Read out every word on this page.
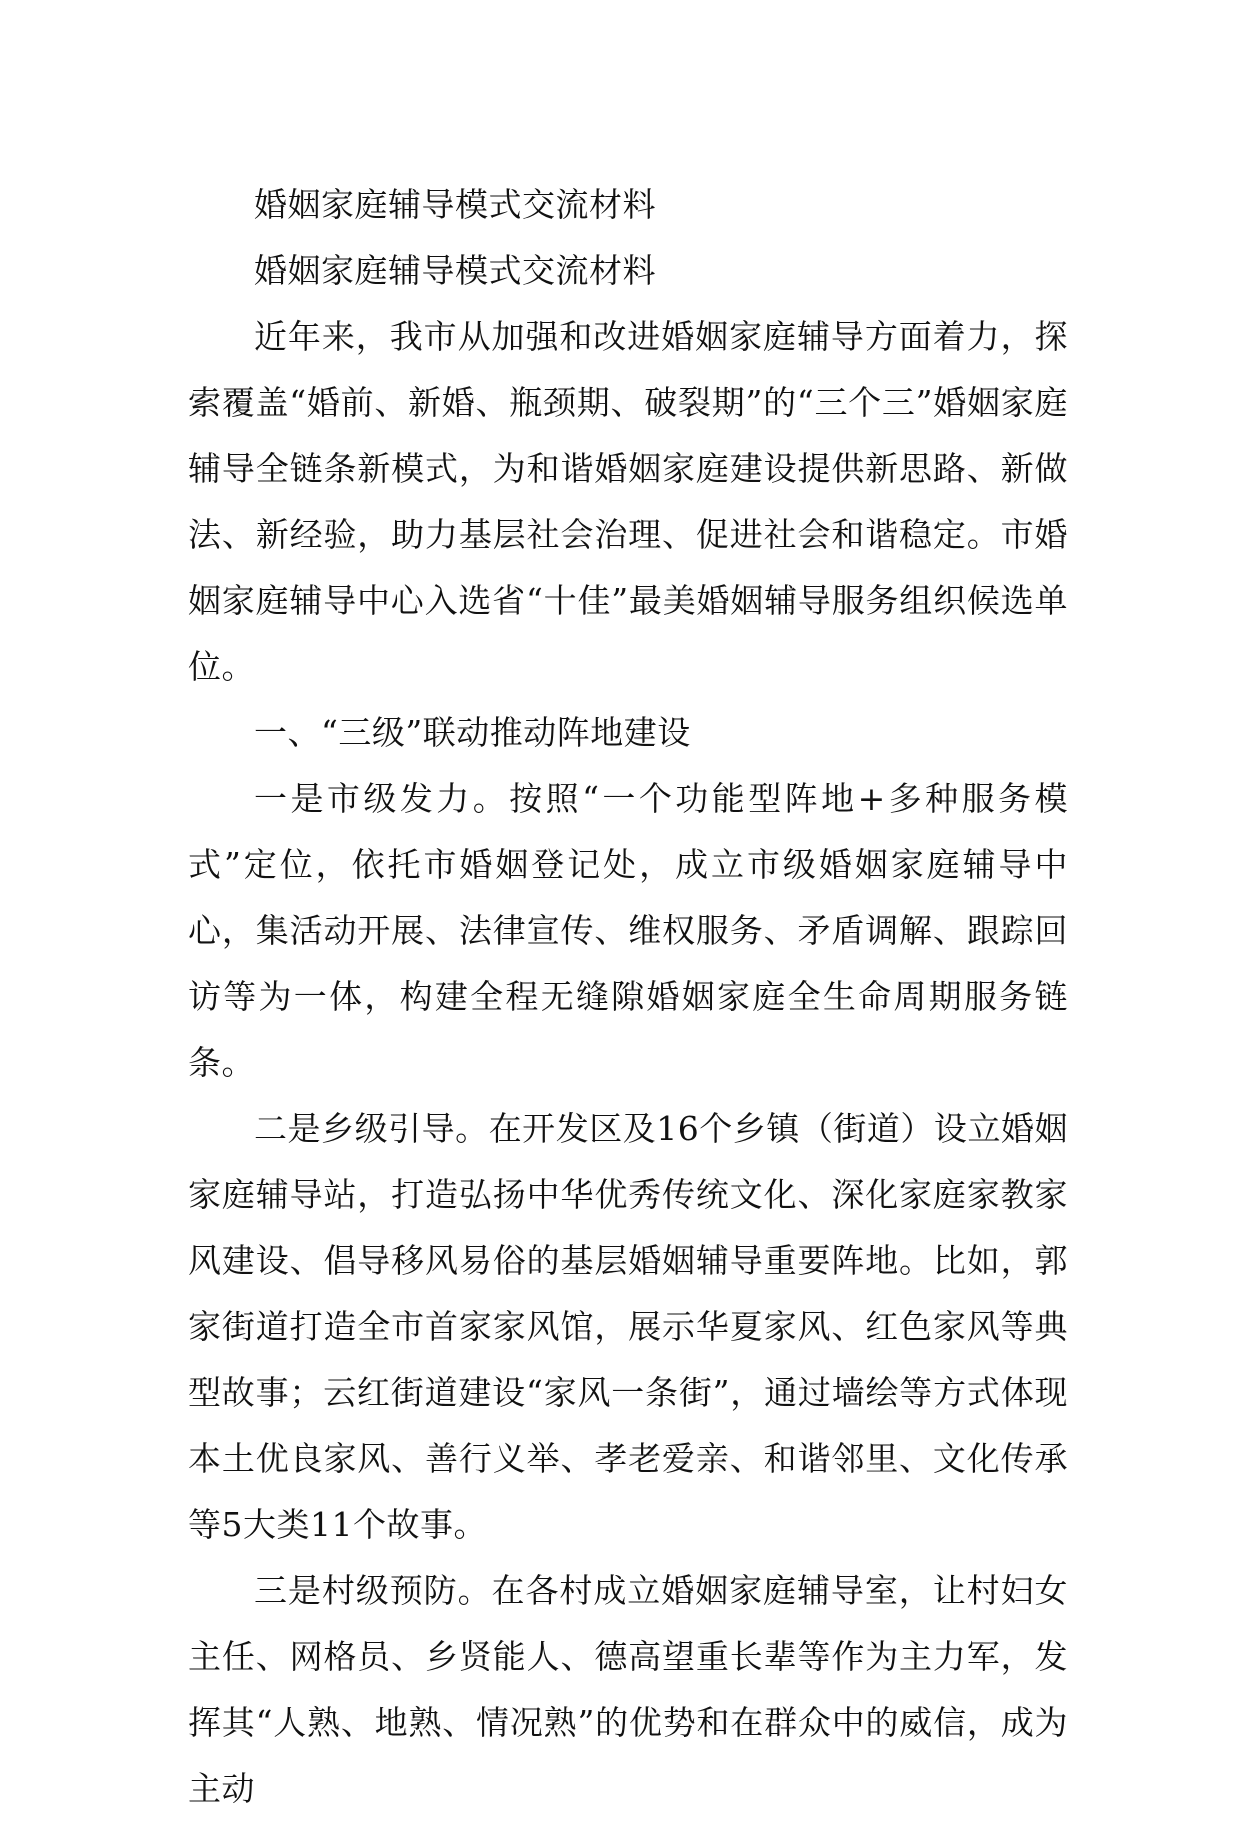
婚姻家庭辅导模式交流材料

婚姻家庭辅导模式交流材料

近年来，我市从加强和改进婚姻家庭辅导方面着力，探索覆盖“婚前、新婚、瓶颈期、破裂期”的“三个三”婚姻家庭辅导全链条新模式，为和谐婚姻家庭建设提供新思路、新做法、新经验，助力基层社会治理、促进社会和谐稳定。市婚姻家庭辅导中心入选省“十佳”最美婚姻辅导服务组织候选单位。

一、“三级”联动推动阵地建设

一是市级发力。按照“一个功能型阵地+多种服务模式”定位，依托市婚姻登记处，成立市级婚姻家庭辅导中心，集活动开展、法律宣传、维权服务、矛盾调解、跟踪回访等为一体，构建全程无缝隙婚姻家庭全生命周期服务链条。

二是乡级引导。在开发区及16个乡镇（街道）设立婚姻家庭辅导站，打造弘扬中华优秀传统文化、深化家庭家教家风建设、倡导移风易俗的基层婚姻辅导重要阵地。比如，郭家街道打造全市首家家风馆，展示华夏家风、红色家风等典型故事；云红街道建设“家风一条街”，通过墙绘等方式体现本土优良家风、善行义举、孝老爱亲、和谐邻里、文化传承等5大类11个故事。

三是村级预防。在各村成立婚姻家庭辅导室，让村妇女主任、网格员、乡贤能人、德高望重长辈等作为主力军，发挥其“人熟、地熟、情况熟”的优势和在群众中的威信，成为主动
